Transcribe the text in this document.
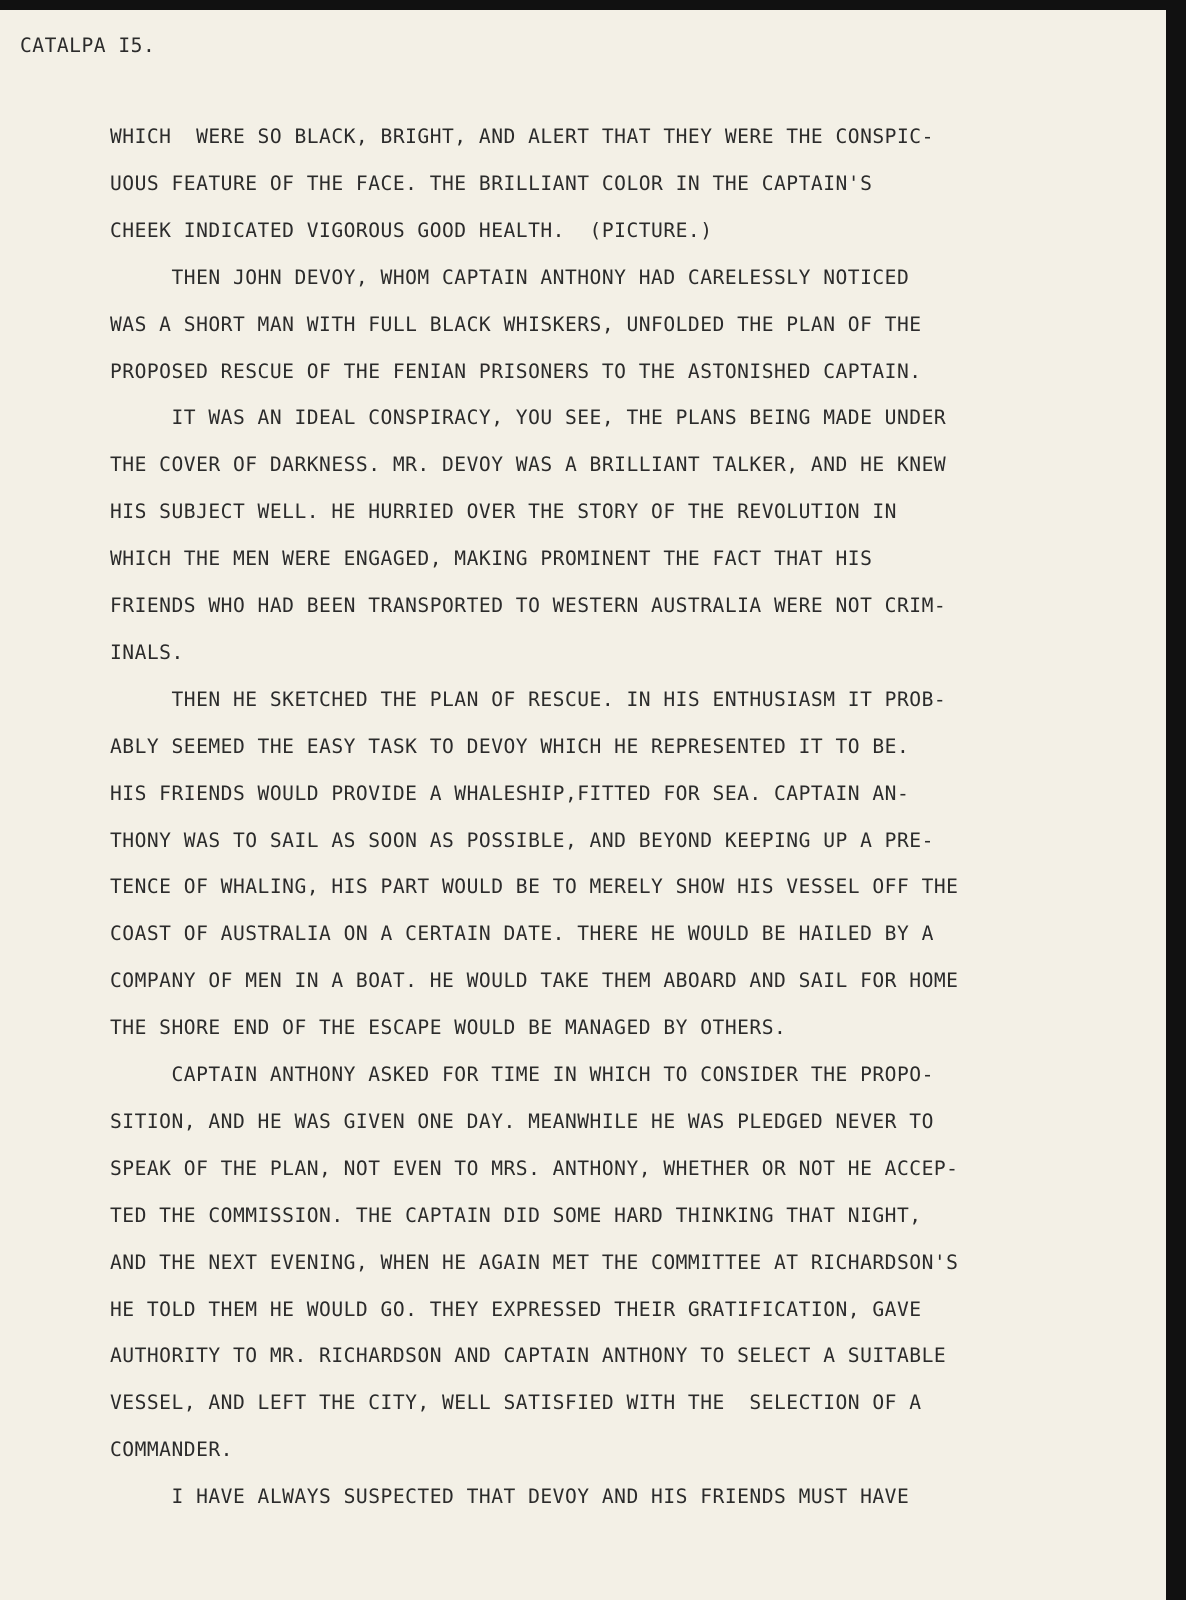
CATALPA I5.

WHICH  WERE SO BLACK, BRIGHT, AND ALERT THAT THEY WERE THE CONSPIC-
UOUS FEATURE OF THE FACE. THE BRILLIANT COLOR IN THE CAPTAIN'S
CHEEK INDICATED VIGOROUS GOOD HEALTH.  (PICTURE.)
THEN JOHN DEVOY, WHOM CAPTAIN ANTHONY HAD CARELESSLY NOTICED
WAS A SHORT MAN WITH FULL BLACK WHISKERS, UNFOLDED THE PLAN OF THE
PROPOSED RESCUE OF THE FENIAN PRISONERS TO THE ASTONISHED CAPTAIN.
IT WAS AN IDEAL CONSPIRACY, YOU SEE, THE PLANS BEING MADE UNDER
THE COVER OF DARKNESS. MR. DEVOY WAS A BRILLIANT TALKER, AND HE KNEW
HIS SUBJECT WELL. HE HURRIED OVER THE STORY OF THE REVOLUTION IN
WHICH THE MEN WERE ENGAGED, MAKING PROMINENT THE FACT THAT HIS
FRIENDS WHO HAD BEEN TRANSPORTED TO WESTERN AUSTRALIA WERE NOT CRIM-
INALS.
THEN HE SKETCHED THE PLAN OF RESCUE. IN HIS ENTHUSIASM IT PROB-
ABLY SEEMED THE EASY TASK TO DEVOY WHICH HE REPRESENTED IT TO BE.
HIS FRIENDS WOULD PROVIDE A WHALESHIP,FITTED FOR SEA. CAPTAIN AN-
THONY WAS TO SAIL AS SOON AS POSSIBLE, AND BEYOND KEEPING UP A PRE-
TENCE OF WHALING, HIS PART WOULD BE TO MERELY SHOW HIS VESSEL OFF THE
COAST OF AUSTRALIA ON A CERTAIN DATE. THERE HE WOULD BE HAILED BY A
COMPANY OF MEN IN A BOAT. HE WOULD TAKE THEM ABOARD AND SAIL FOR HOME
THE SHORE END OF THE ESCAPE WOULD BE MANAGED BY OTHERS.
CAPTAIN ANTHONY ASKED FOR TIME IN WHICH TO CONSIDER THE PROPO-
SITION, AND HE WAS GIVEN ONE DAY. MEANWHILE HE WAS PLEDGED NEVER TO
SPEAK OF THE PLAN, NOT EVEN TO MRS. ANTHONY, WHETHER OR NOT HE ACCEP-
TED THE COMMISSION. THE CAPTAIN DID SOME HARD THINKING THAT NIGHT,
AND THE NEXT EVENING, WHEN HE AGAIN MET THE COMMITTEE AT RICHARDSON'S
HE TOLD THEM HE WOULD GO. THEY EXPRESSED THEIR GRATIFICATION, GAVE
AUTHORITY TO MR. RICHARDSON AND CAPTAIN ANTHONY TO SELECT A SUITABLE
VESSEL, AND LEFT THE CITY, WELL SATISFIED WITH THE  SELECTION OF A
COMMANDER.
I HAVE ALWAYS SUSPECTED THAT DEVOY AND HIS FRIENDS MUST HAVE
